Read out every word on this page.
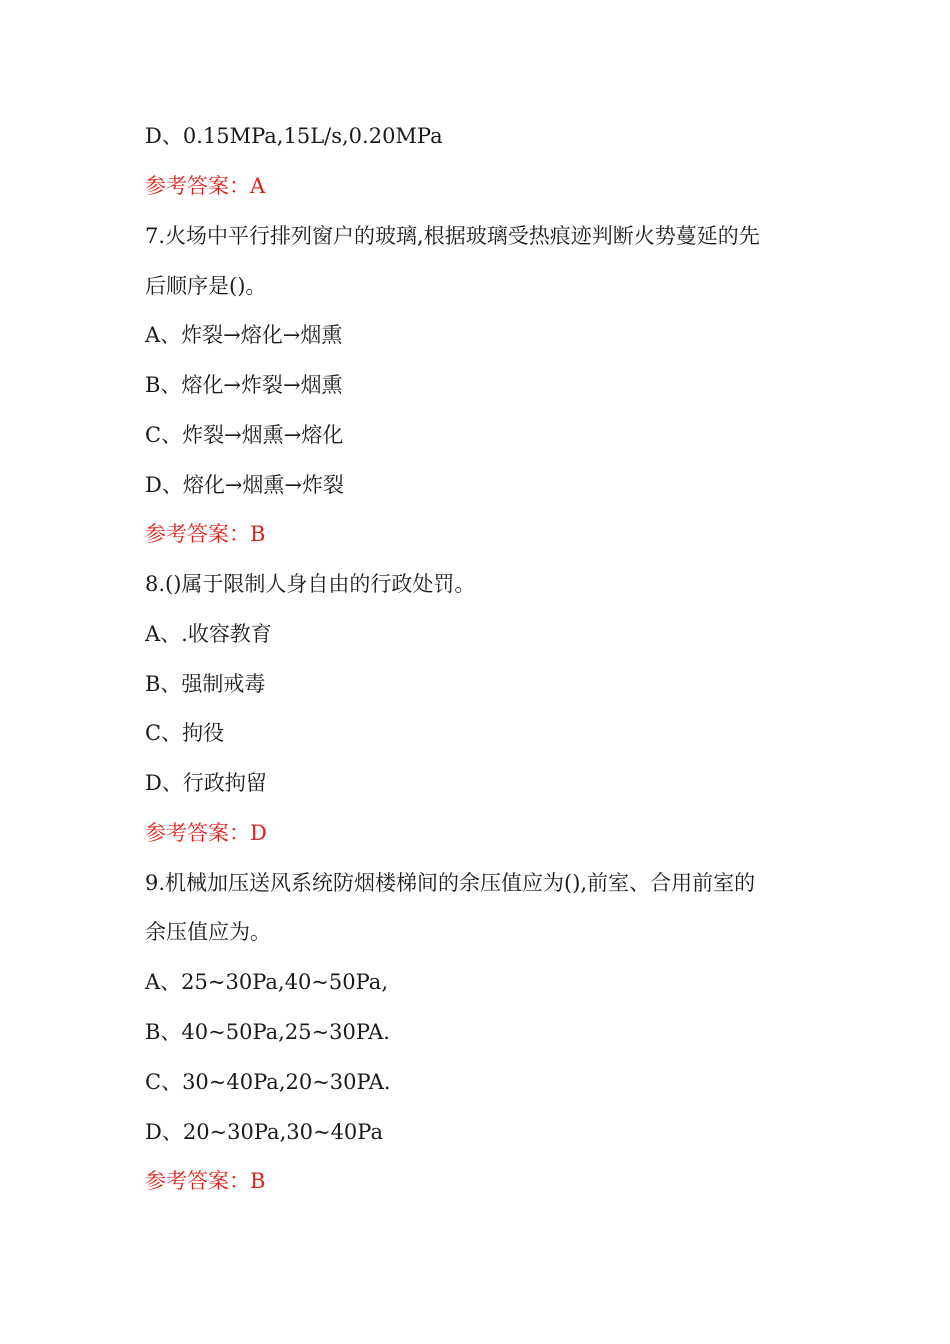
D、0.15MPa,15L/s,0.20MPa
参考答案：A
7.火场中平行排列窗户的玻璃,根据玻璃受热痕迹判断火势蔓延的先
后顺序是()。
A、炸裂→熔化→烟熏
B、熔化→炸裂→烟熏
C、炸裂→烟熏→熔化
D、熔化→烟熏→炸裂
参考答案：B
8.()属于限制人身自由的行政处罚。
A、.收容教育
B、强制戒毒
C、拘役
D、行政拘留
参考答案：D
9.机械加压送风系统防烟楼梯间的余压值应为(),前室、合用前室的
余压值应为。
A、25~30Pa,40~50Pa,
B、40~50Pa,25~30PA.
C、30~40Pa,20~30PA.
D、20~30Pa,30~40Pa
参考答案：B
